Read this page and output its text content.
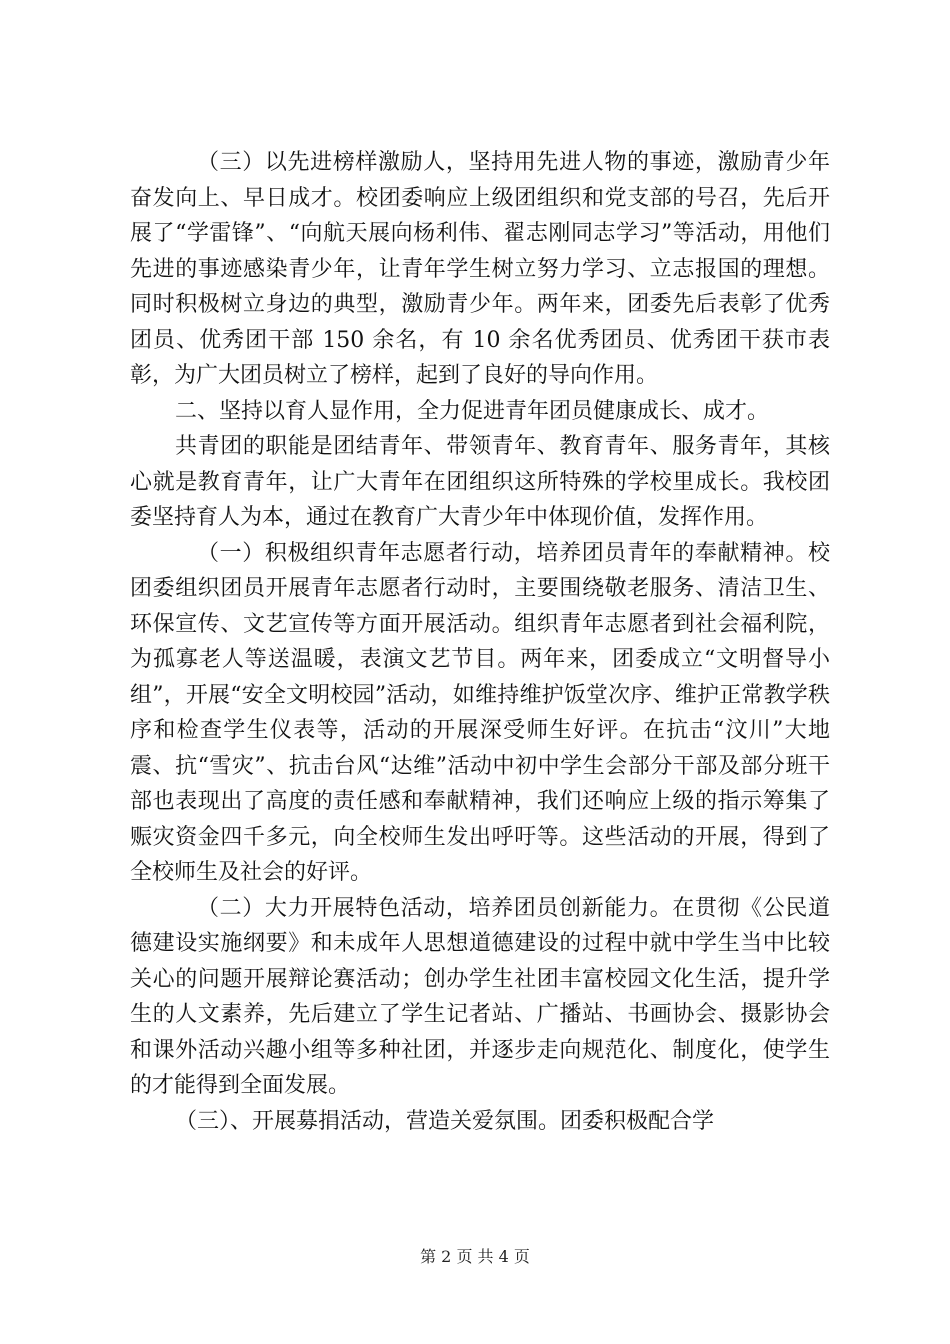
（三）以先进榜样激励人，坚持用先进人物的事迹，激励青少年奋发向上、早日成才。校团委响应上级团组织和党支部的号召，先后开展了“学雷锋”、“向航天展向杨利伟、翟志刚同志学习”等活动，用他们先进的事迹感染青少年，让青年学生树立努力学习、立志报国的理想。同时积极树立身边的典型，激励青少年。两年来，团委先后表彰了优秀团员、优秀团干部 150 余名，有 10 余名优秀团员、优秀团干获市表彰，为广大团员树立了榜样，起到了良好的导向作用。

二、坚持以育人显作用，全力促进青年团员健康成长、成才。

共青团的职能是团结青年、带领青年、教育青年、服务青年，其核心就是教育青年，让广大青年在团组织这所特殊的学校里成长。我校团委坚持育人为本，通过在教育广大青少年中体现价值，发挥作用。

（一）积极组织青年志愿者行动，培养团员青年的奉献精神。校团委组织团员开展青年志愿者行动时，主要围绕敬老服务、清洁卫生、环保宣传、文艺宣传等方面开展活动。组织青年志愿者到社会福利院，为孤寡老人等送温暖，表演文艺节目。两年来，团委成立“文明督导小组”，开展“安全文明校园”活动，如维持维护饭堂次序、维护正常教学秩序和检查学生仪表等，活动的开展深受师生好评。在抗击“汶川”大地震、抗“雪灾”、抗击台风“达维”活动中初中学生会部分干部及部分班干部也表现出了高度的责任感和奉献精神，我们还响应上级的指示筹集了赈灾资金四千多元，向全校师生发出呼吁等。这些活动的开展，得到了全校师生及社会的好评。

（二）大力开展特色活动，培养团员创新能力。在贯彻《公民道德建设实施纲要》和未成年人思想道德建设的过程中就中学生当中比较关心的问题开展辩论赛活动；创办学生社团丰富校园文化生活，提升学生的人文素养，先后建立了学生记者站、广播站、书画协会、摄影协会和课外活动兴趣小组等多种社团，并逐步走向规范化、制度化，使学生的才能得到全面发展。

（三）、开展募捐活动，营造关爱氛围。团委积极配合学

第 2 页 共 4 页
